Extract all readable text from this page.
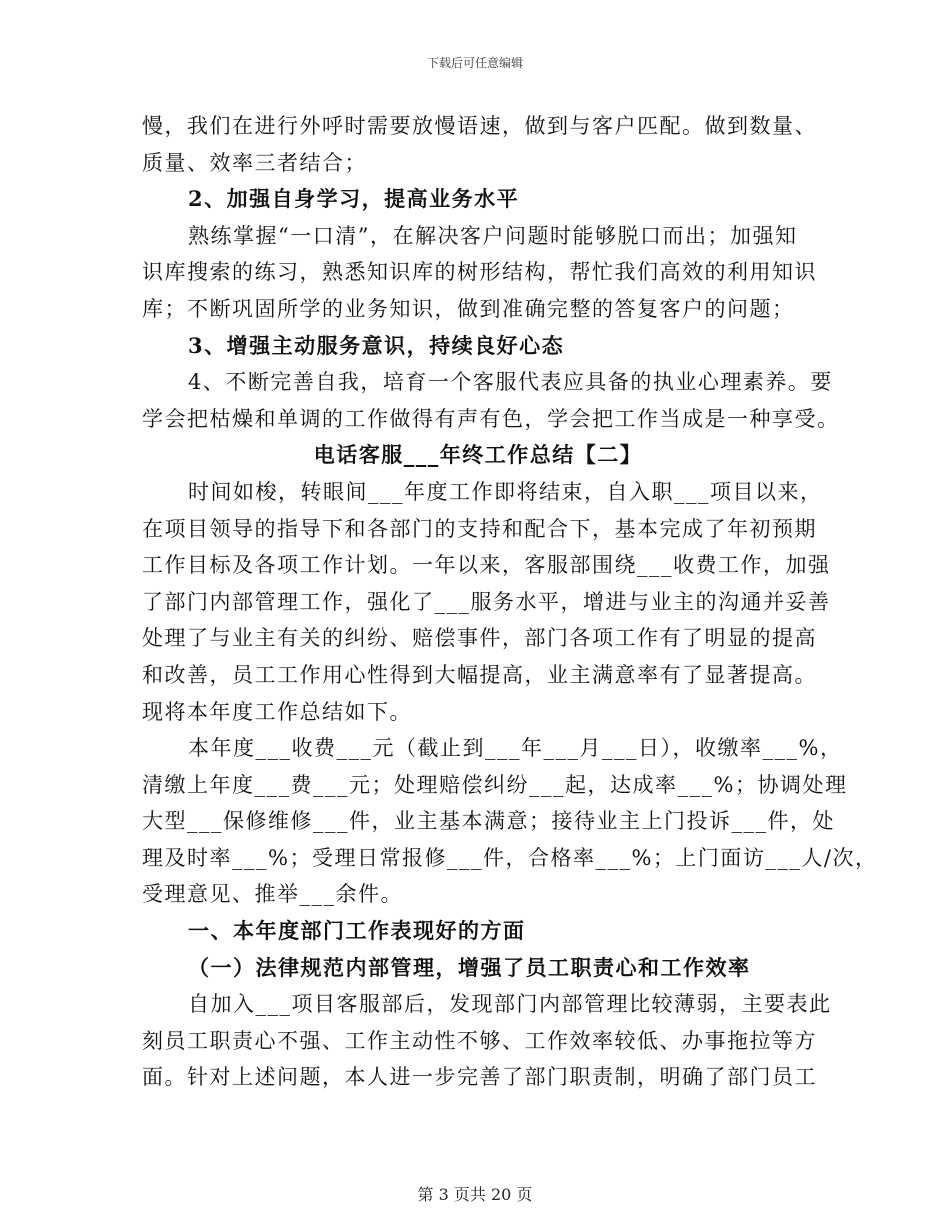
下载后可任意编辑
慢，我们在进行外呼时需要放慢语速，做到与客户匹配。做到数量、
质量、效率三者结合；
2、加强自身学习，提高业务水平
熟练掌握“一口清”，在解决客户问题时能够脱口而出；加强知
识库搜索的练习，熟悉知识库的树形结构，帮忙我们高效的利用知识
库；不断巩固所学的业务知识，做到准确完整的答复客户的问题；
3、增强主动服务意识，持续良好心态
4、不断完善自我，培育一个客服代表应具备的执业心理素养。要
学会把枯燥和单调的工作做得有声有色，学会把工作当成是一种享受。
电话客服___年终工作总结【二】
时间如梭，转眼间___年度工作即将结束，自入职___项目以来，
在项目领导的指导下和各部门的支持和配合下，基本完成了年初预期
工作目标及各项工作计划。一年以来，客服部围绕___收费工作，加强
了部门内部管理工作，强化了___服务水平，增进与业主的沟通并妥善
处理了与业主有关的纠纷、赔偿事件，部门各项工作有了明显的提高
和改善，员工工作用心性得到大幅提高，业主满意率有了显著提高。
现将本年度工作总结如下。
本年度___收费___元（截止到___年___月___日），收缴率___%，
清缴上年度___费___元；处理赔偿纠纷___起，达成率___%；协调处理
大型___保修维修___件，业主基本满意；接待业主上门投诉___件，处
理及时率___%；受理日常报修___件，合格率___%；上门面访___人/次，
受理意见、推举___余件。
一、本年度部门工作表现好的方面
（一）法律规范内部管理，增强了员工职责心和工作效率
自加入___项目客服部后，发现部门内部管理比较薄弱，主要表此
刻员工职责心不强、工作主动性不够、工作效率较低、办事拖拉等方
面。针对上述问题，本人进一步完善了部门职责制，明确了部门员工
第 3 页共 20 页
